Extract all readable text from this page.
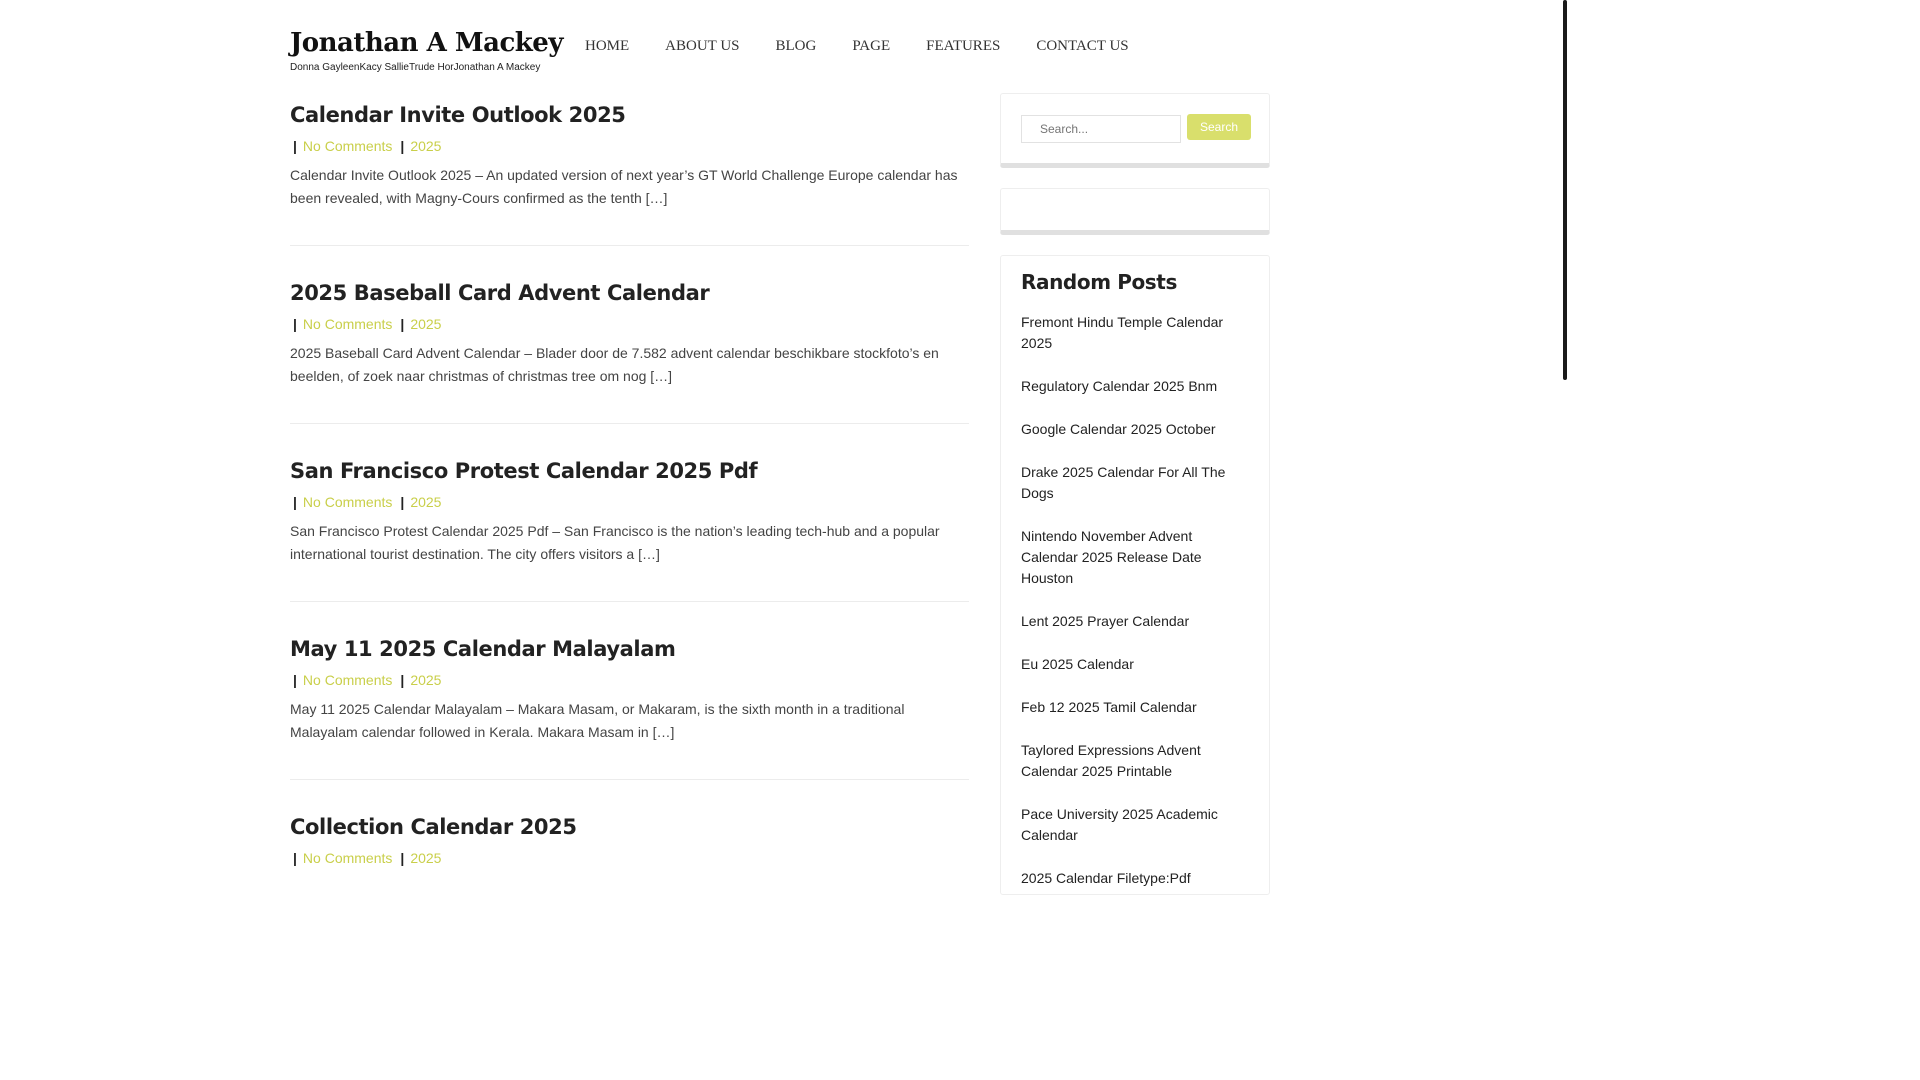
Jonathan A Mackey
Donna GayleenKacy SallieTrude HorJonathan A Mackey
HOME ABOUT US BLOG PAGE FEATURES CONTACT US
Calendar Invite Outlook 2025
| No Comments | 2025

Calendar Invite Outlook 2025 – An updated version of next year’s GT World Challenge Europe calendar has been revealed, with Magny-Cours confirmed as the tenth […]

2025 Baseball Card Advent Calendar
| No Comments | 2025

2025 Baseball Card Advent Calendar – Blader door de 7.582 advent calendar beschikbare stockfoto’s en beelden, of zoek naar christmas of christmas tree om nog […]

San Francisco Protest Calendar 2025 Pdf
| No Comments | 2025

San Francisco Protest Calendar 2025 Pdf – San Francisco is the nation’s leading tech-hub and a popular international tourist destination. The city offers visitors a […]

May 11 2025 Calendar Malayalam
| No Comments | 2025

May 11 2025 Calendar Malayalam – Makara Masam, or Makaram, is the sixth month in a traditional Malayalam calendar followed in Kerala. Makara Masam in […]

Collection Calendar 2025
| No Comments | 2025
Search...
Search
Random Posts
Fremont Hindu Temple Calendar 2025
Regulatory Calendar 2025 Bnm
Google Calendar 2025 October
Drake 2025 Calendar For All The Dogs
Nintendo November Advent Calendar 2025 Release Date Houston
Lent 2025 Prayer Calendar
Eu 2025 Calendar
Feb 12 2025 Tamil Calendar
Taylored Expressions Advent Calendar 2025 Printable
Pace University 2025 Academic Calendar
2025 Calendar Filetype:Pdf
